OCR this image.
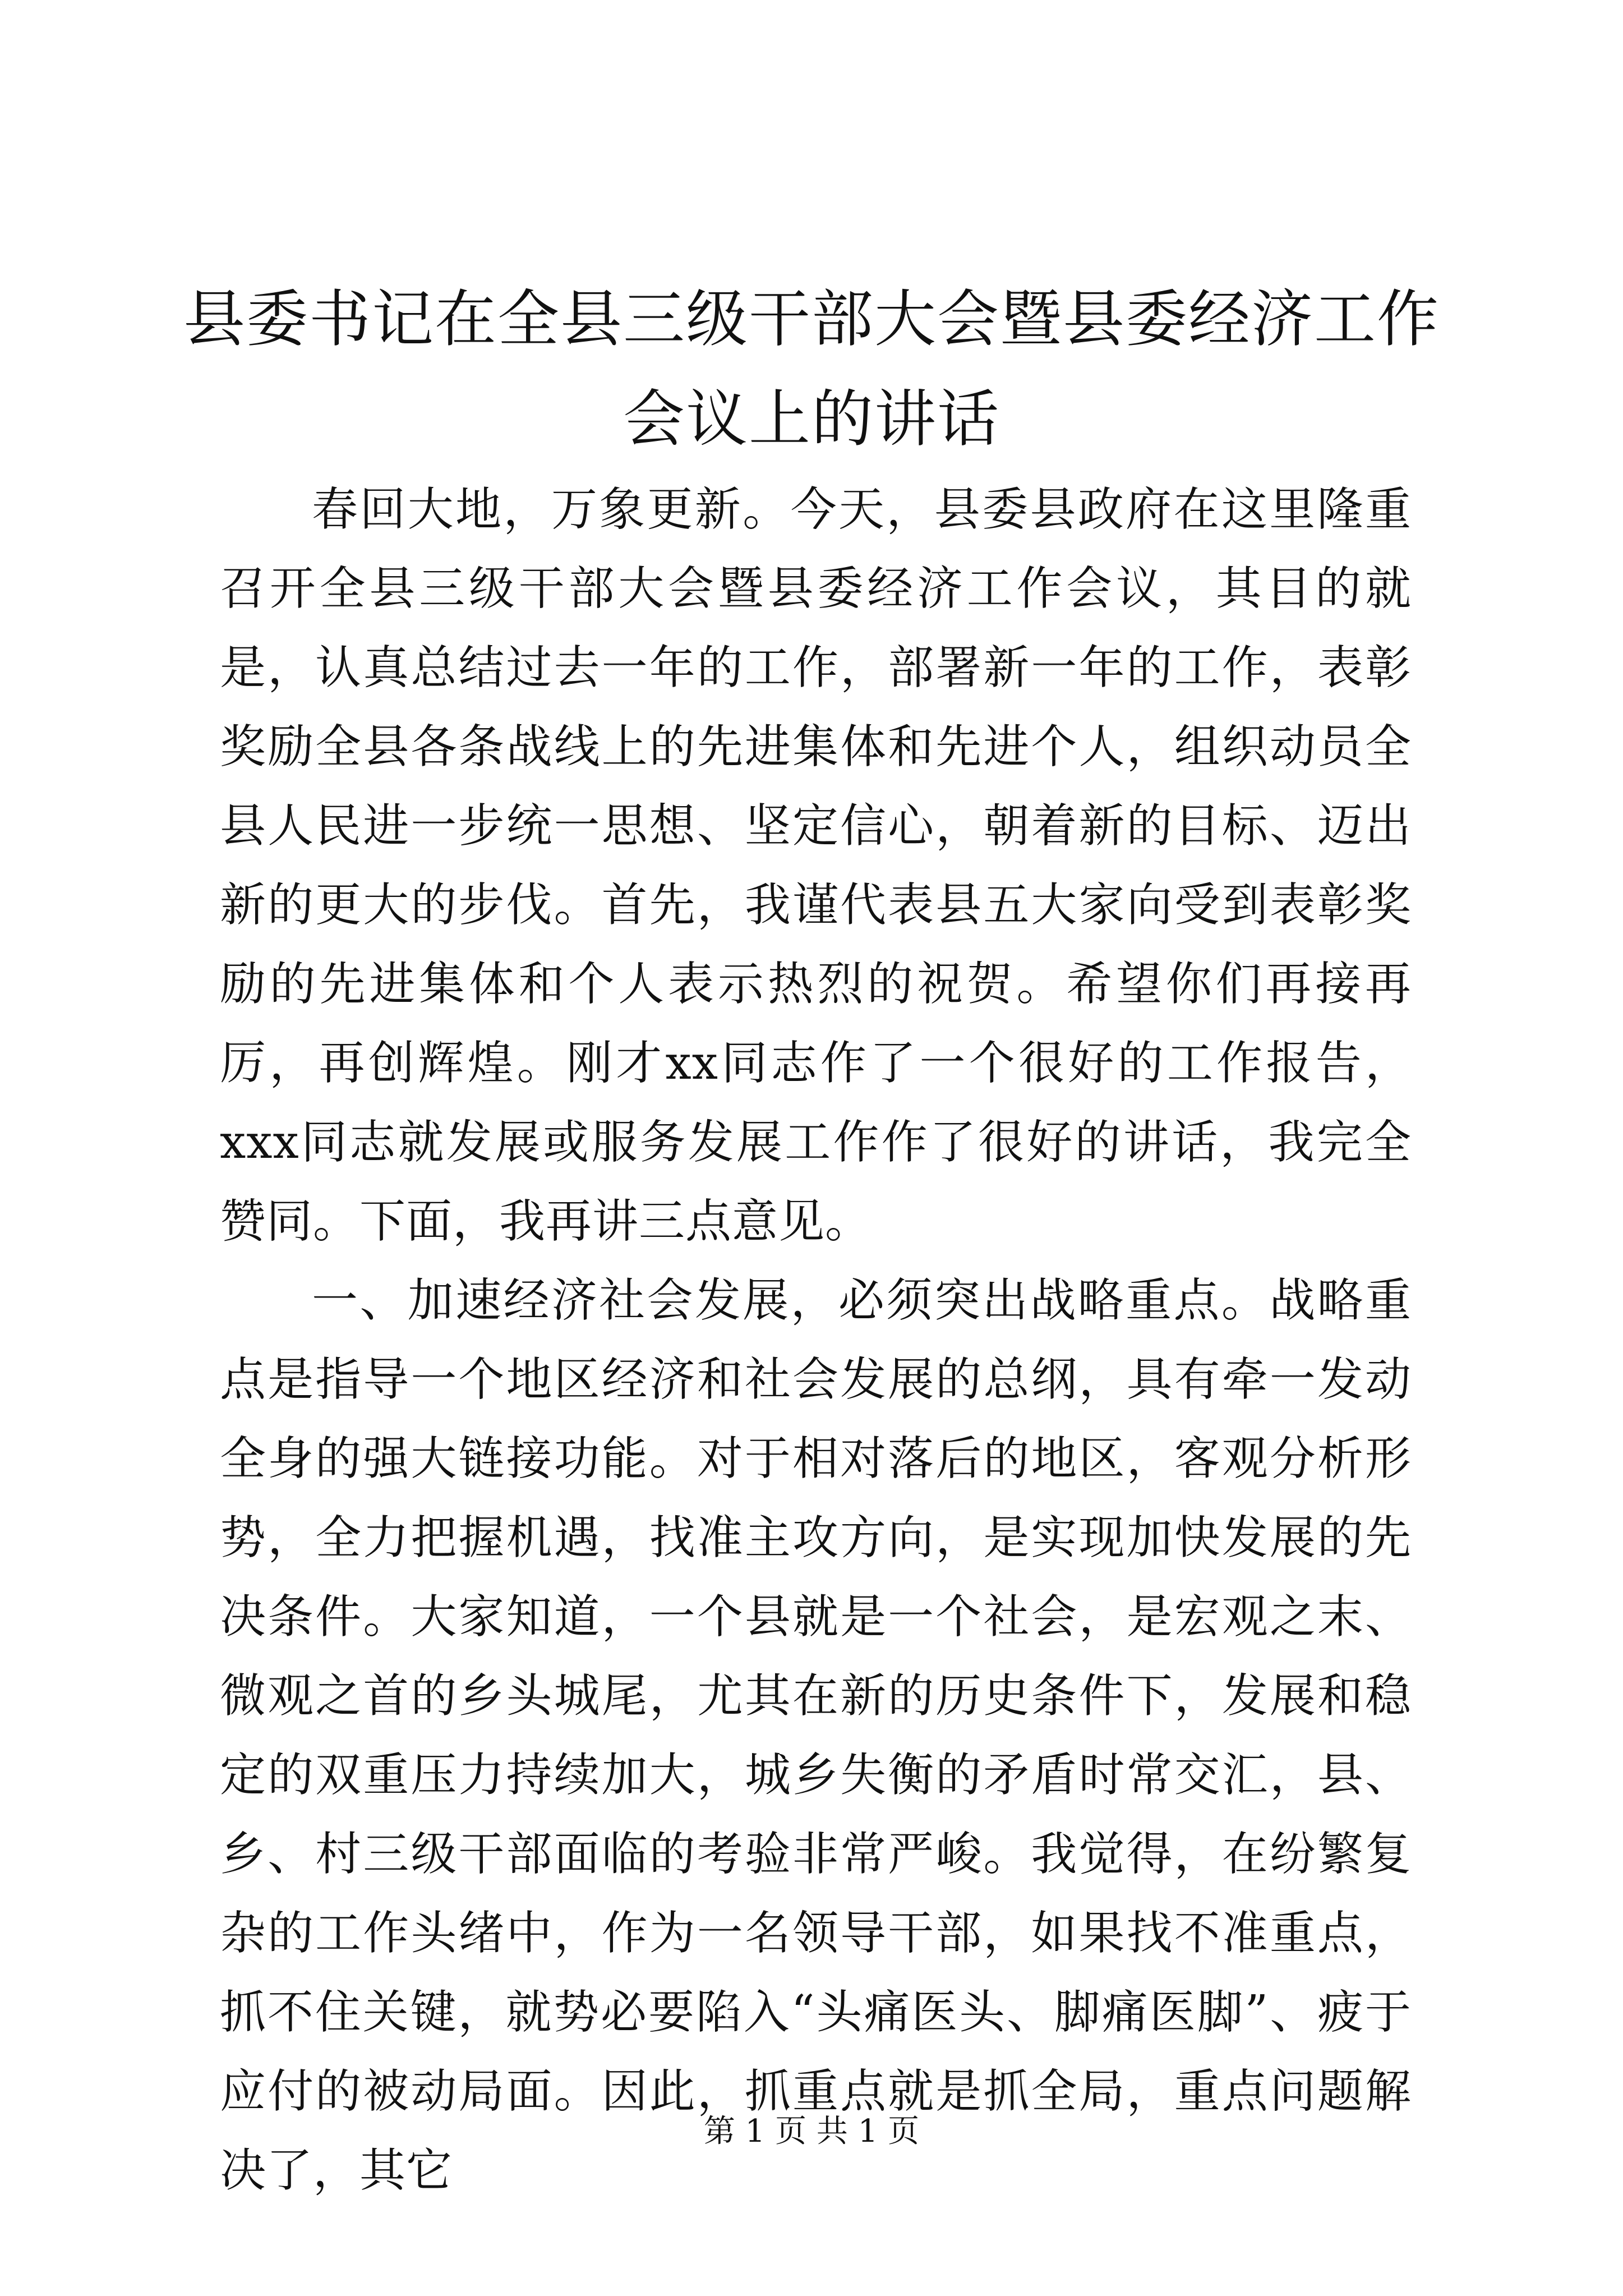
县委书记在全县三级干部大会暨县委经济工作
会议上的讲话

春回大地，万象更新。今天，县委县政府在这里隆重召开全县三级干部大会暨县委经济工作会议，其目的就是，认真总结过去一年的工作，部署新一年的工作，表彰奖励全县各条战线上的先进集体和先进个人，组织动员全县人民进一步统一思想、坚定信心，朝着新的目标、迈出新的更大的步伐。首先，我谨代表县五大家向受到表彰奖励的先进集体和个人表示热烈的祝贺。希望你们再接再厉，再创辉煌。刚才xx同志作了一个很好的工作报告，xxx同志就发展或服务发展工作作了很好的讲话，我完全赞同。下面，我再讲三点意见。

一、加速经济社会发展，必须突出战略重点。战略重点是指导一个地区经济和社会发展的总纲，具有牵一发动全身的强大链接功能。对于相对落后的地区，客观分析形势，全力把握机遇，找准主攻方向，是实现加快发展的先决条件。大家知道，一个县就是一个社会，是宏观之末、微观之首的乡头城尾，尤其在新的历史条件下，发展和稳定的双重压力持续加大，城乡失衡的矛盾时常交汇，县、乡、村三级干部面临的考验非常严峻。我觉得，在纷繁复杂的工作头绪中，作为一名领导干部，如果找不准重点，抓不住关键，就势必要陷入“头痛医头、脚痛医脚”、疲于应付的被动局面。因此，抓重点就是抓全局，重点问题解决了，其它

第 1 页 共 1 页
